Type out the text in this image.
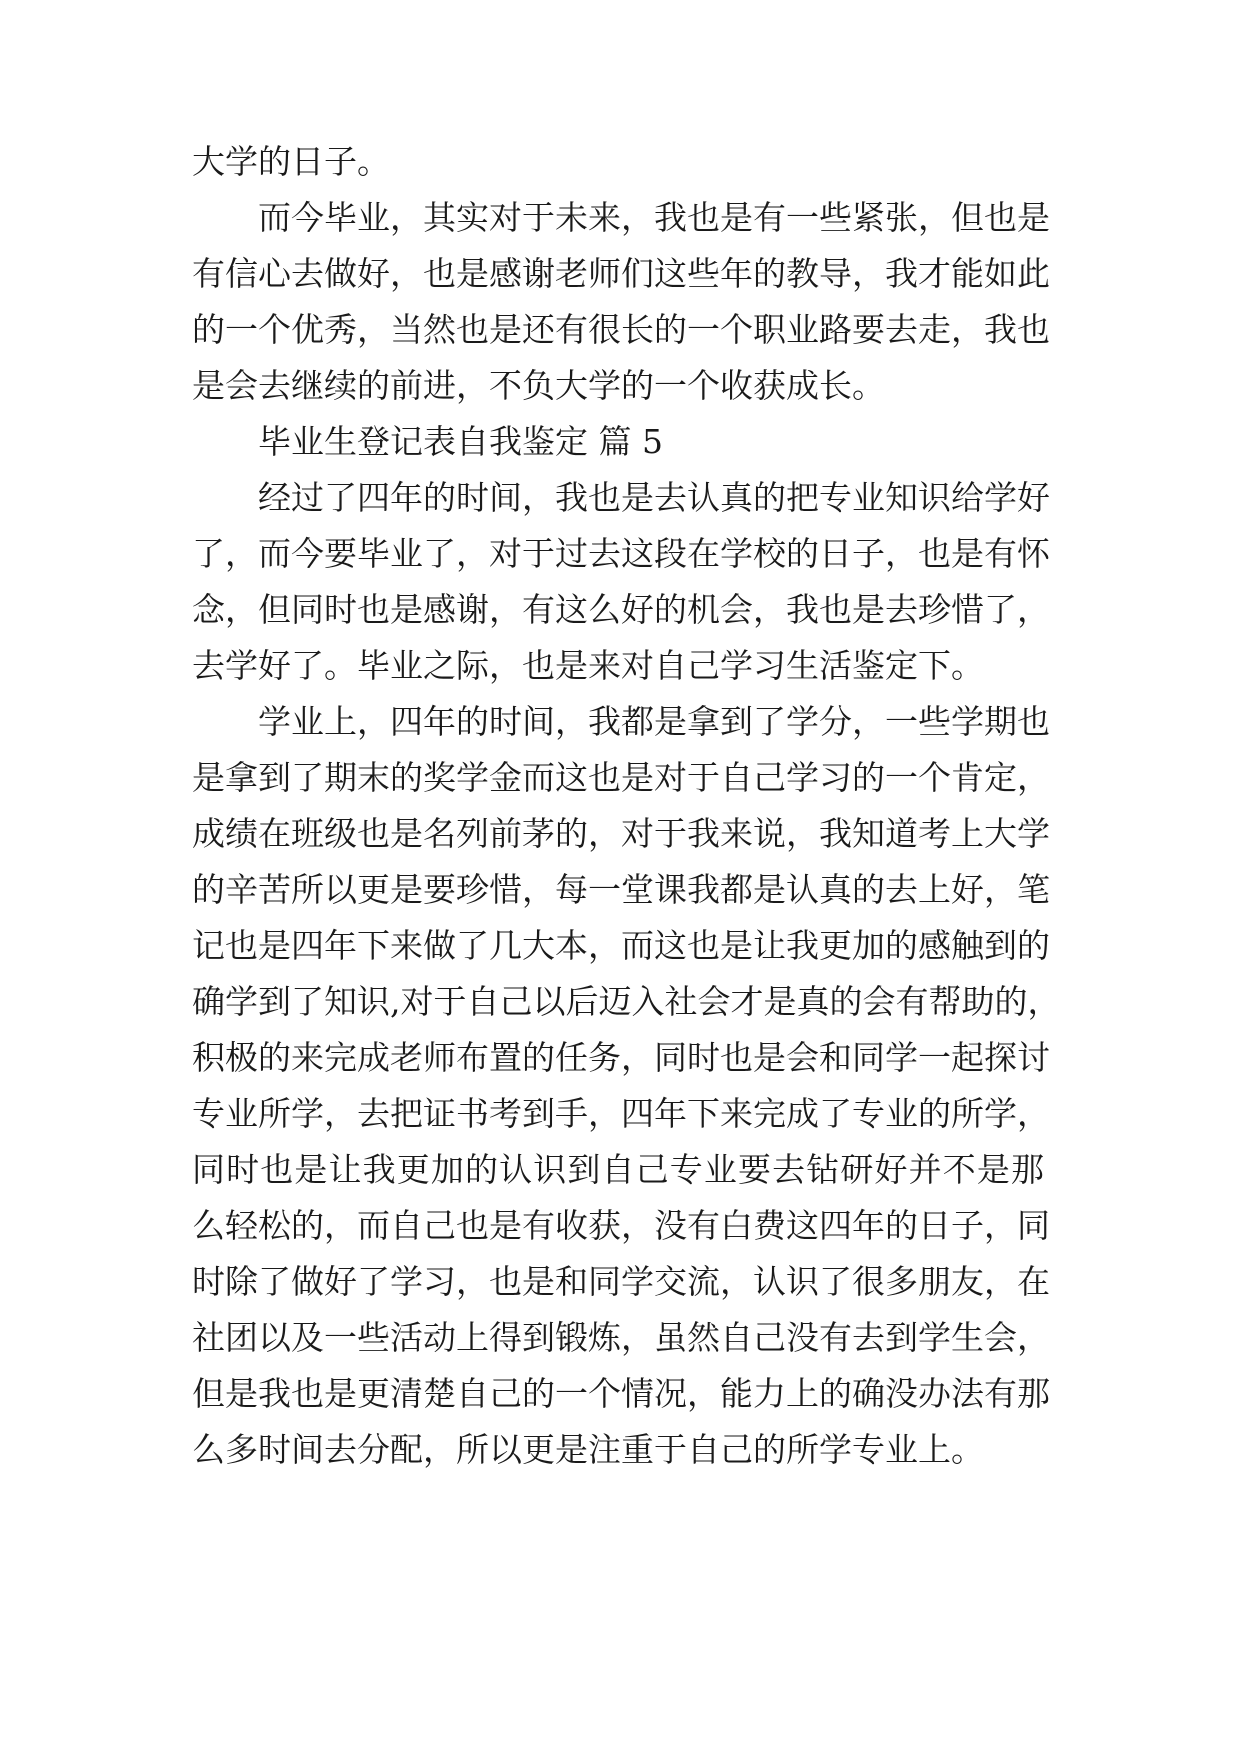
大学的日子。
而今毕业，其实对于未来，我也是有一些紧张，但也是
有信心去做好，也是感谢老师们这些年的教导，我才能如此
的一个优秀，当然也是还有很长的一个职业路要去走，我也
是会去继续的前进，不负大学的一个收获成长。
毕业生登记表自我鉴定 篇 5
经过了四年的时间，我也是去认真的把专业知识给学好
了，而今要毕业了，对于过去这段在学校的日子，也是有怀
念，但同时也是感谢，有这么好的机会，我也是去珍惜了，
去学好了。毕业之际，也是来对自己学习生活鉴定下。
学业上，四年的时间，我都是拿到了学分，一些学期也
是拿到了期末的奖学金而这也是对于自己学习的一个肯定，
成绩在班级也是名列前茅的，对于我来说，我知道考上大学
的辛苦所以更是要珍惜，每一堂课我都是认真的去上好，笔
记也是四年下来做了几大本，而这也是让我更加的感触到的
确学到了知识,对于自己以后迈入社会才是真的会有帮助的，
积极的来完成老师布置的任务，同时也是会和同学一起探讨
专业所学，去把证书考到手，四年下来完成了专业的所学，
同时也是让我更加的认识到自己专业要去钻研好并不是那
么轻松的，而自己也是有收获，没有白费这四年的日子，同
时除了做好了学习，也是和同学交流，认识了很多朋友，在
社团以及一些活动上得到锻炼，虽然自己没有去到学生会，
但是我也是更清楚自己的一个情况，能力上的确没办法有那
么多时间去分配，所以更是注重于自己的所学专业上。
